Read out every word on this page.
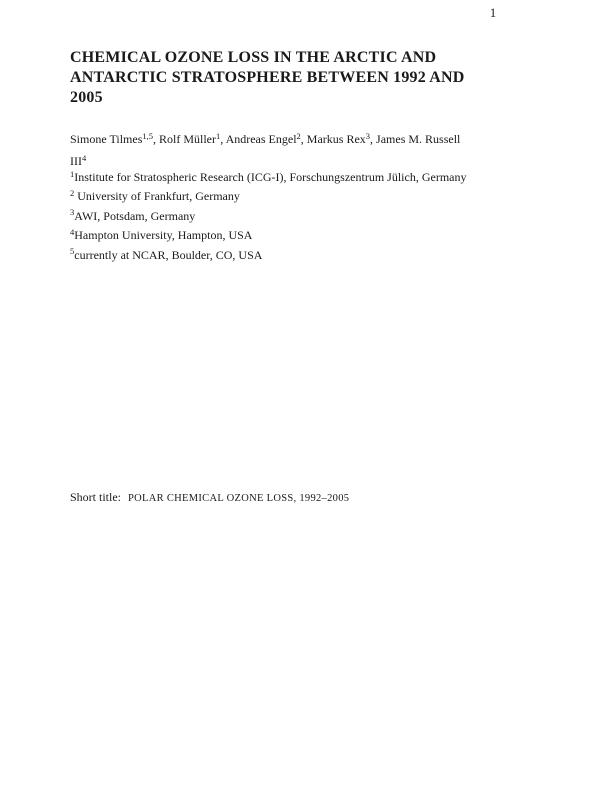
1
CHEMICAL OZONE LOSS IN THE ARCTIC AND
ANTARCTIC STRATOSPHERE BETWEEN 1992 AND
2005
Simone Tilmes$^{1,5}$, Rolf Müller$^1$, Andreas Engel$^2$, Markus Rex$^3$, James M. Russell
III$^4$
$^1$Institute for Stratospheric Research (ICG-I), Forschungszentrum Jülich, Germany
$^2$ University of Frankfurt, Germany
$^3$AWI, Potsdam, Germany
$^4$Hampton University, Hampton, USA
$^5$currently at NCAR, Boulder, CO, USA
Short title: POLAR CHEMICAL OZONE LOSS, 1992–2005
